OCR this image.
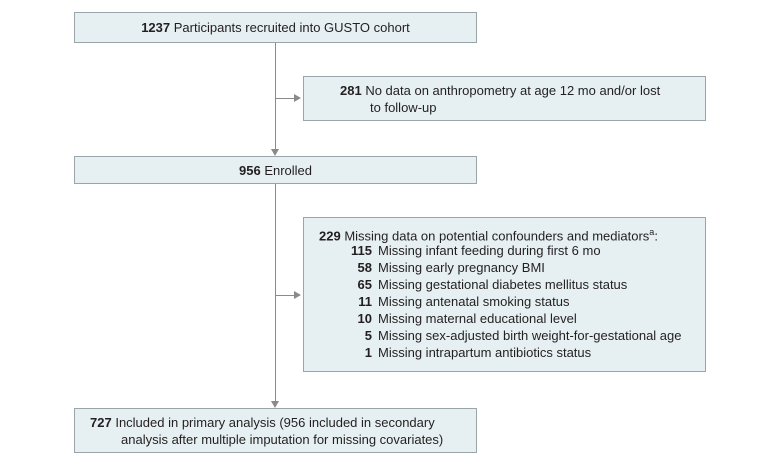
1237 Participants recruited into GUSTO cohort
281 No data on anthropometry at age 12 mo and/or lost
to follow-up
956 Enrolled
229 Missing data on potential confounders and mediators$^a$:
115 Missing infant feeding during first 6 mo
58 Missing early pregnancy BMI
65 Missing gestational diabetes mellitus status
11 Missing antenatal smoking status
10 Missing maternal educational level
5 Missing sex-adjusted birth weight-for-gestational age
1 Missing intrapartum antibiotics status
727 Included in primary analysis (956 included in secondary
analysis after multiple imputation for missing covariates)
